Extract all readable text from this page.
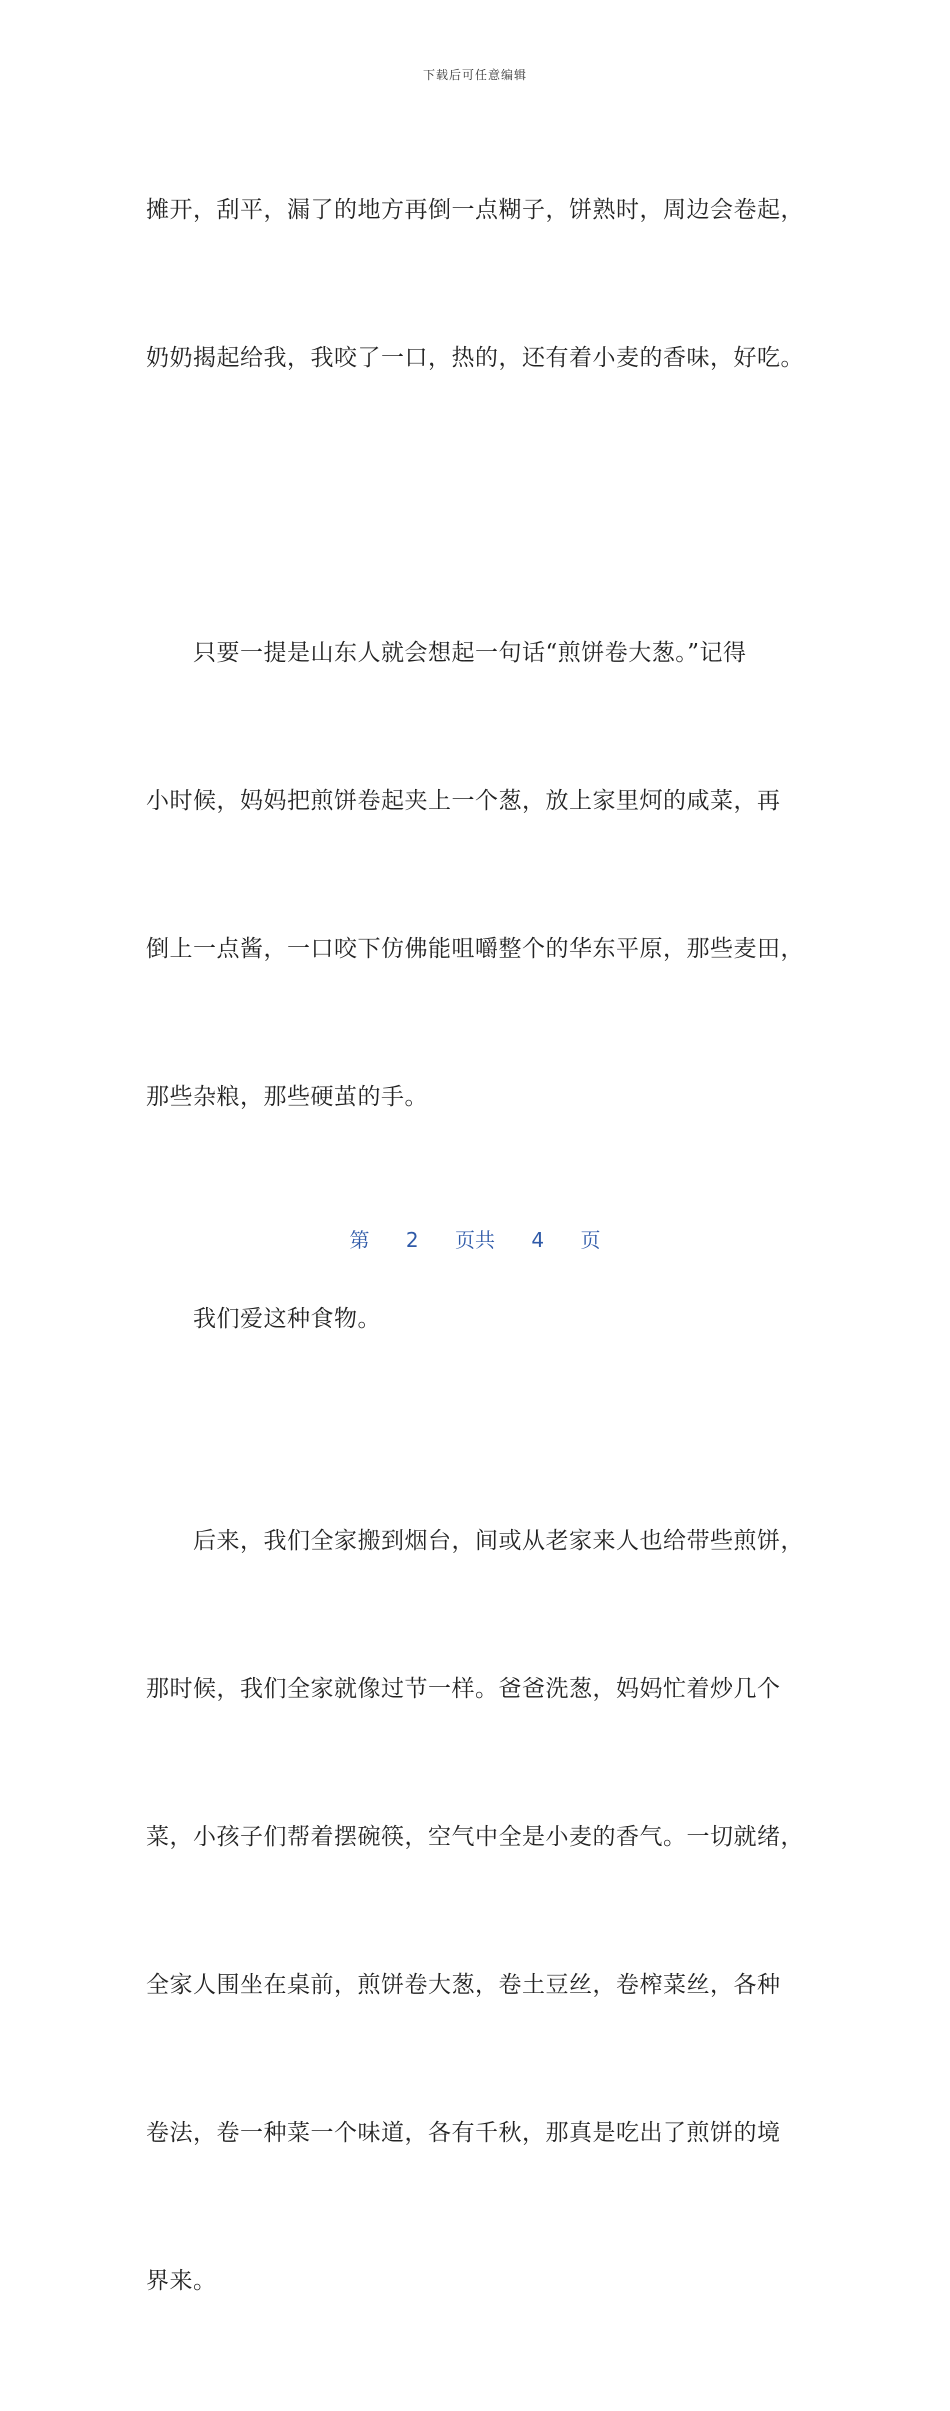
下载后可任意编辑

摊开，刮平，漏了的地方再倒一点糊子，饼熟时，周边会卷起，

奶奶揭起给我，我咬了一口，热的，还有着小麦的香味，好吃。

　　只要一提是山东人就会想起一句话“煎饼卷大葱。”记得

小时候，妈妈把煎饼卷起夹上一个葱，放上家里炣的咸菜，再

倒上一点酱，一口咬下仿佛能咀嚼整个的华东平原，那些麦田，

那些杂粮，那些硬茧的手。

　　我们爱这种食物。

　　后来，我们全家搬到烟台，间或从老家来人也给带些煎饼，

那时候，我们全家就像过节一样。爸爸洗葱，妈妈忙着炒几个

菜，小孩子们帮着摆碗筷，空气中全是小麦的香气。一切就绪，

全家人围坐在桌前，煎饼卷大葱，卷土豆丝，卷榨菜丝，各种

卷法，卷一种菜一个味道，各有千秋，那真是吃出了煎饼的境

界来。

第 2 页共 4 页
